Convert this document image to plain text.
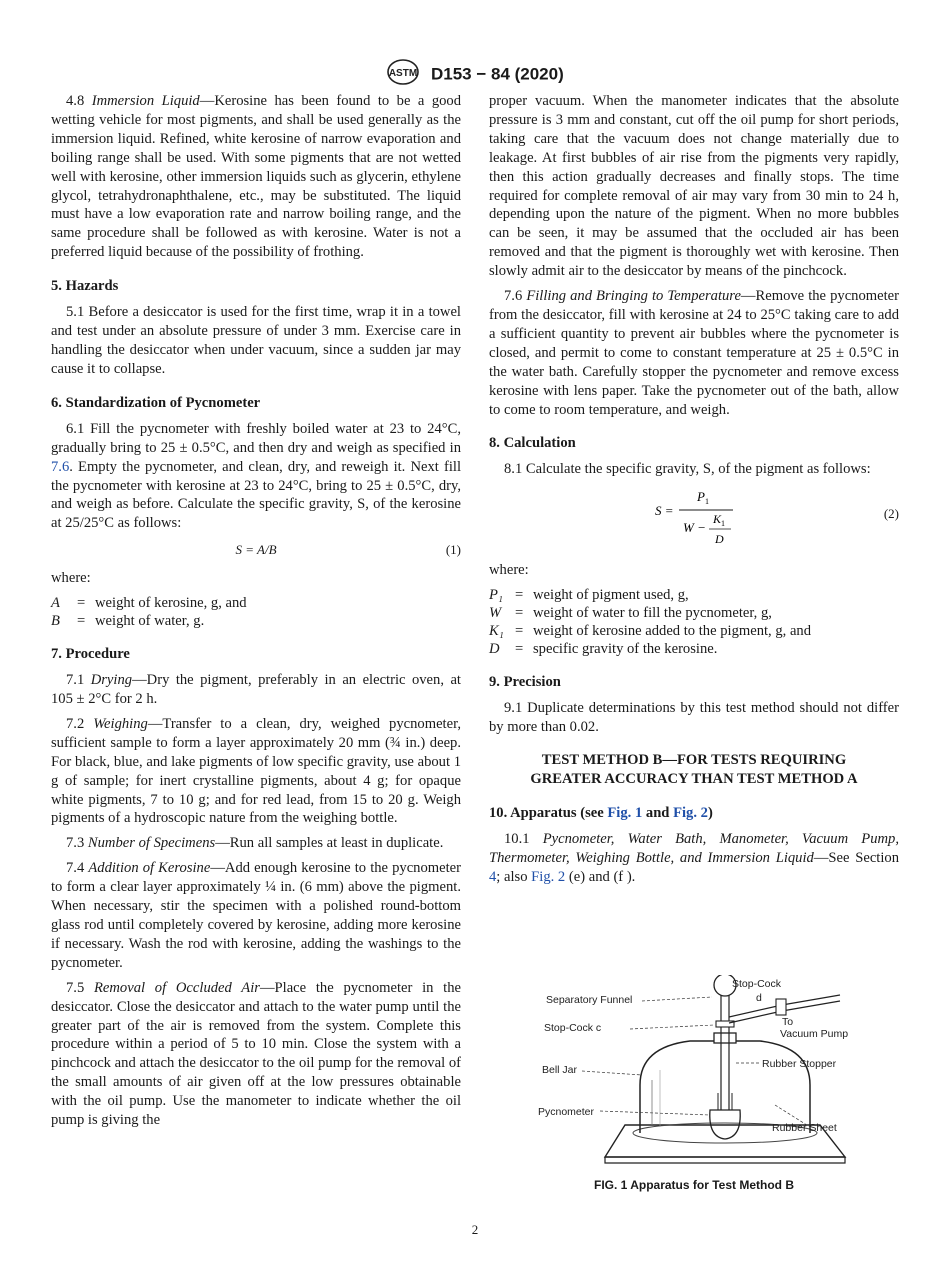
ASTM D153 − 84 (2020)

4.8 Immersion Liquid—Kerosine has been found to be a good wetting vehicle for most pigments, and shall be used generally as the immersion liquid. Refined, white kerosine of narrow evaporation and boiling range shall be used. With some pigments that are not wetted well with kerosine, other immersion liquids such as glycerin, ethylene glycol, tetrahydronaphthalene, etc., may be substituted. The liquid must have a low evaporation rate and narrow boiling range, and the same procedure shall be followed as with kerosine. Water is not a preferred liquid because of the possibility of frothing.

5. Hazards

5.1 Before a desiccator is used for the first time, wrap it in a towel and test under an absolute pressure of under 3 mm. Exercise care in handling the desiccator when under vacuum, since a sudden jar may cause it to collapse.

6. Standardization of Pycnometer

6.1 Fill the pycnometer with freshly boiled water at 23 to 24°C, gradually bring to 25 ± 0.5°C, and then dry and weigh as specified in 7.6. Empty the pycnometer, and clean, dry, and reweigh it. Next fill the pycnometer with kerosine at 23 to 24°C, bring to 25 ± 0.5°C, dry, and weigh as before. Calculate the specific gravity, S, of the kerosine at 25/25°C as follows:

S = A/B	(1)

where:

A	= weight of kerosine, g, and
B	= weight of water, g.
7. Procedure

7.1 Drying—Dry the pigment, preferably in an electric oven, at 105 ± 2°C for 2 h.

7.2 Weighing—Transfer to a clean, dry, weighed pycnometer, sufficient sample to form a layer approximately 20 mm (¾ in.) deep. For black, blue, and lake pigments of low specific gravity, use about 1 g of sample; for inert crystalline pigments, about 4 g; for opaque white pigments, 7 to 10 g; and for red lead, from 15 to 20 g. Weigh pigments of a hydroscopic nature from the weighing bottle.

7.3 Number of Specimens—Run all samples at least in duplicate.

7.4 Addition of Kerosine—Add enough kerosine to the pycnometer to form a clear layer approximately ¼ in. (6 mm) above the pigment. When necessary, stir the specimen with a polished round-bottom glass rod until completely covered by kerosine, adding more kerosine if necessary. Wash the rod with kerosine, adding the washings to the pycnometer.

7.5 Removal of Occluded Air—Place the pycnometer in the desiccator. Close the desiccator and attach to the water pump until the greater part of the air is removed from the system. Complete this procedure within a period of 5 to 10 min. Close the system with a pinchcock and attach the desiccator to the oil pump for the removal of the small amounts of air given off at the low pressures obtainable with the oil pump. Use the manometer to indicate whether the oil pump is giving the

proper vacuum. When the manometer indicates that the absolute pressure is 3 mm and constant, cut off the oil pump for short periods, taking care that the vacuum does not change materially due to leakage. At first bubbles of air rise from the pigments very rapidly, then this action gradually decreases and finally stops. The time required for complete removal of air may vary from 30 min to 24 h, depending upon the nature of the pigment. When no more bubbles can be seen, it may be assumed that the occluded air has been removed and that the pigment is thoroughly wet with kerosine. Then slowly admit air to the desiccator by means of the pinchcock.

7.6 Filling and Bringing to Temperature—Remove the pycnometer from the desiccator, fill with kerosine at 24 to 25°C taking care to add a sufficient quantity to prevent air bubbles where the pycnometer is closed, and permit to come to constant temperature at 25 ± 0.5°C in the water bath. Carefully stopper the pycnometer and remove excess kerosine with lens paper. Take the pycnometer out of the bath, allow to come to room temperature, and weigh.

8. Calculation

8.1 Calculate the specific gravity, S, of the pigment as follows:

S =
P 1
W −
K 1
D
(2)

where:

P₁ = weight of pigment used, g,
W = weight of water to fill the pycnometer, g,
K₁ = weight of kerosine added to the pigment, g, and
D	= specific gravity of the kerosine.
9. Precision

9.1 Duplicate determinations by this test method should not differ by more than 0.02.

TEST METHOD B—FOR TESTS REQUIRING
GREATER ACCURACY THAN TEST METHOD A
10. Apparatus (see Fig. 1 and Fig. 2)

10.1 Pycnometer, Water Bath, Manometer, Vacuum Pump, Thermometer, Weighing Bottle, and Immersion Liquid—See Section 4; also Fig. 2 (e) and (f ).

Stop-Cock
d
Separatory Funnel
To
Vacuum Pump
Stop-Cock c
Rubber Stopper
Bell Jar
Pycnometer
Rubber Sheet
FIG. 1 Apparatus for Test Method B
2
